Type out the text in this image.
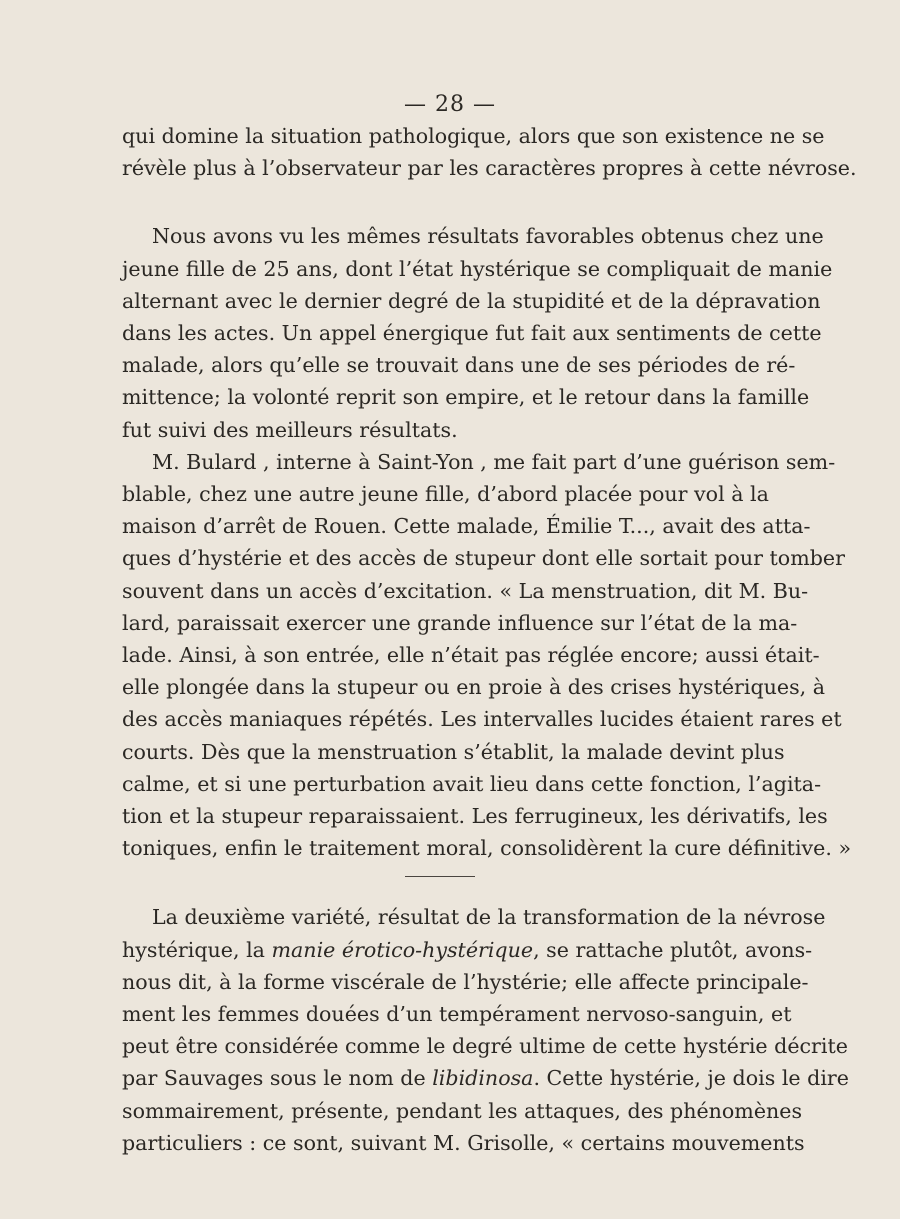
— 28 —
qui domine la situation pathologique, alors que son existence ne se
révèle plus à l’observateur par les caractères propres à cette névrose.
Nous avons vu les mêmes résultats favorables obtenus chez une
jeune fille de 25 ans, dont l’état hystérique se compliquait de manie
alternant avec le dernier degré de la stupidité et de la dépravation
dans les actes. Un appel énergique fut fait aux sentiments de cette
malade, alors qu’elle se trouvait dans une de ses périodes de ré-
mittence; la volonté reprit son empire, et le retour dans la famille
fut suivi des meilleurs résultats.
M. Bulard , interne à Saint-Yon , me fait part d’une guérison sem-
blable, chez une autre jeune fille, d’abord placée pour vol à la
maison d’arrêt de Rouen. Cette malade, Émilie T..., avait des atta-
ques d’hystérie et des accès de stupeur dont elle sortait pour tomber
souvent dans un accès d’excitation. « La menstruation, dit M. Bu-
lard, paraissait exercer une grande influence sur l’état de la ma-
lade. Ainsi, à son entrée, elle n’était pas réglée encore; aussi était-
elle plongée dans la stupeur ou en proie à des crises hystériques, à
des accès maniaques répétés. Les intervalles lucides étaient rares et
courts. Dès que la menstruation s’établit, la malade devint plus
calme, et si une perturbation avait lieu dans cette fonction, l’agita-
tion et la stupeur reparaissaient. Les ferrugineux, les dérivatifs, les
toniques, enfin le traitement moral, consolidèrent la cure définitive. »
La deuxième variété, résultat de la transformation de la névrose
hystérique, la manie érotico-hystérique, se rattache plutôt, avons-
nous dit, à la forme viscérale de l’hystérie; elle affecte principale-
ment les femmes douées d’un tempérament nervoso-sanguin, et
peut être considérée comme le degré ultime de cette hystérie décrite
par Sauvages sous le nom de libidinosa. Cette hystérie, je dois le dire
sommairement, présente, pendant les attaques, des phénomènes
particuliers : ce sont, suivant M. Grisolle, « certains mouvements
